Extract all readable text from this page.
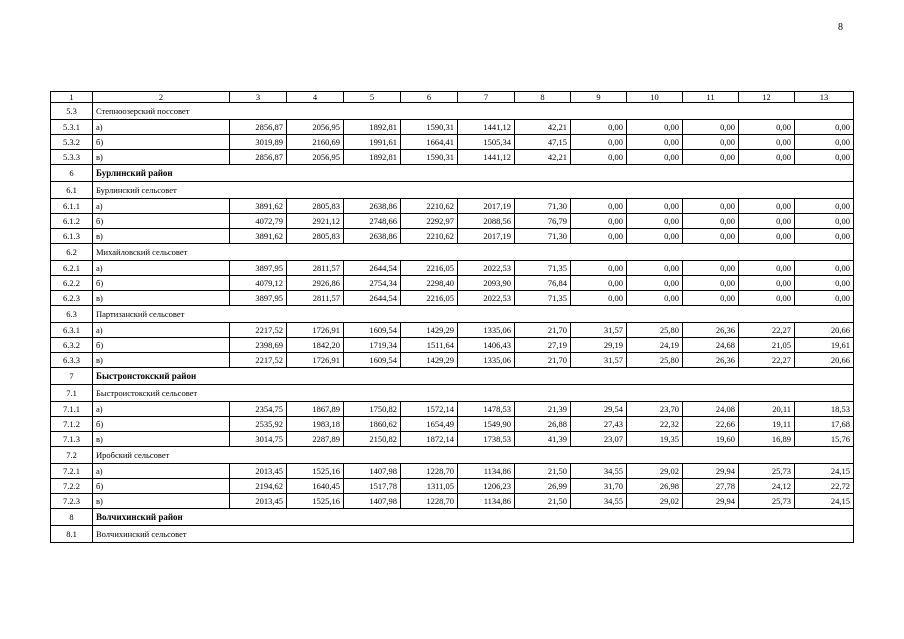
8
1	2	3	4	5	6	7	8	9	10	11	12	13
5.3	Степноозерский поссовет											
5.3.1	а)	2856,87	2056,95	1892,81	1590,31	1441,12	42,21	0,00	0,00	0,00	0,00	0,00
5.3.2	б)	3019,89	2160,69	1991,61	1664,41	1505,34	47,15	0,00	0,00	0,00	0,00	0,00
5.3.3	в)	2856,87	2056,95	1892,81	1590,31	1441,12	42,21	0,00	0,00	0,00	0,00	0,00
6	Бурлинский район											
6.1	Бурлинский сельсовет											
6.1.1	а)	3891,62	2805,83	2638,86	2210,62	2017,19	71,30	0,00	0,00	0,00	0,00	0,00
6.1.2	б)	4072,79	2921,12	2748,66	2292,97	2088,56	76,79	0,00	0,00	0,00	0,00	0,00
6.1.3	в)	3891,62	2805,83	2638,86	2210,62	2017,19	71,30	0,00	0,00	0,00	0,00	0,00
6.2	Михайловский сельсовет											
6.2.1	а)	3897,95	2811,57	2644,54	2216,05	2022,53	71,35	0,00	0,00	0,00	0,00	0,00
6.2.2	б)	4079,12	2926,86	2754,34	2298,40	2093,90	76,84	0,00	0,00	0,00	0,00	0,00
6.2.3	в)	3897,95	2811,57	2644,54	2216,05	2022,53	71,35	0,00	0,00	0,00	0,00	0,00
6.3	Партизанский сельсовет											
6.3.1	а)	2217,52	1726,91	1609,54	1429,29	1335,06	21,70	31,57	25,80	26,36	22,27	20,66
6.3.2	б)	2398,69	1842,20	1719,34	1511,64	1406,43	27,19	29,19	24,19	24,68	21,05	19,61
6.3.3	в)	2217,52	1726,91	1609,54	1429,29	1335,06	21,70	31,57	25,80	26,36	22,27	20,66
7	Быстроистокский район											
7.1	Быстроистокский сельсовет											
7.1.1	а)	2354,75	1867,89	1750,82	1572,14	1478,53	21,39	29,54	23,70	24,08	20,11	18,53
7.1.2	б)	2535,92	1983,18	1860,62	1654,49	1549,90	26,88	27,43	22,32	22,66	19,11	17,68
7.1.3	в)	3014,75	2287,89	2150,82	1872,14	1738,53	41,39	23,07	19,35	19,60	16,89	15,76
7.2	Иробский сельсовет											
7.2.1	а)	2013,45	1525,16	1407,98	1228,70	1134,86	21,50	34,55	29,02	29,94	25,73	24,15
7.2.2	б)	2194,62	1640,45	1517,78	1311,05	1206,23	26,99	31,70	26,98	27,78	24,12	22,72
7.2.3	в)	2013,45	1525,16	1407,98	1228,70	1134,86	21,50	34,55	29,02	29,94	25,73	24,15
8	Волчихинский район											
8.1	Волчихинский сельсовет											
